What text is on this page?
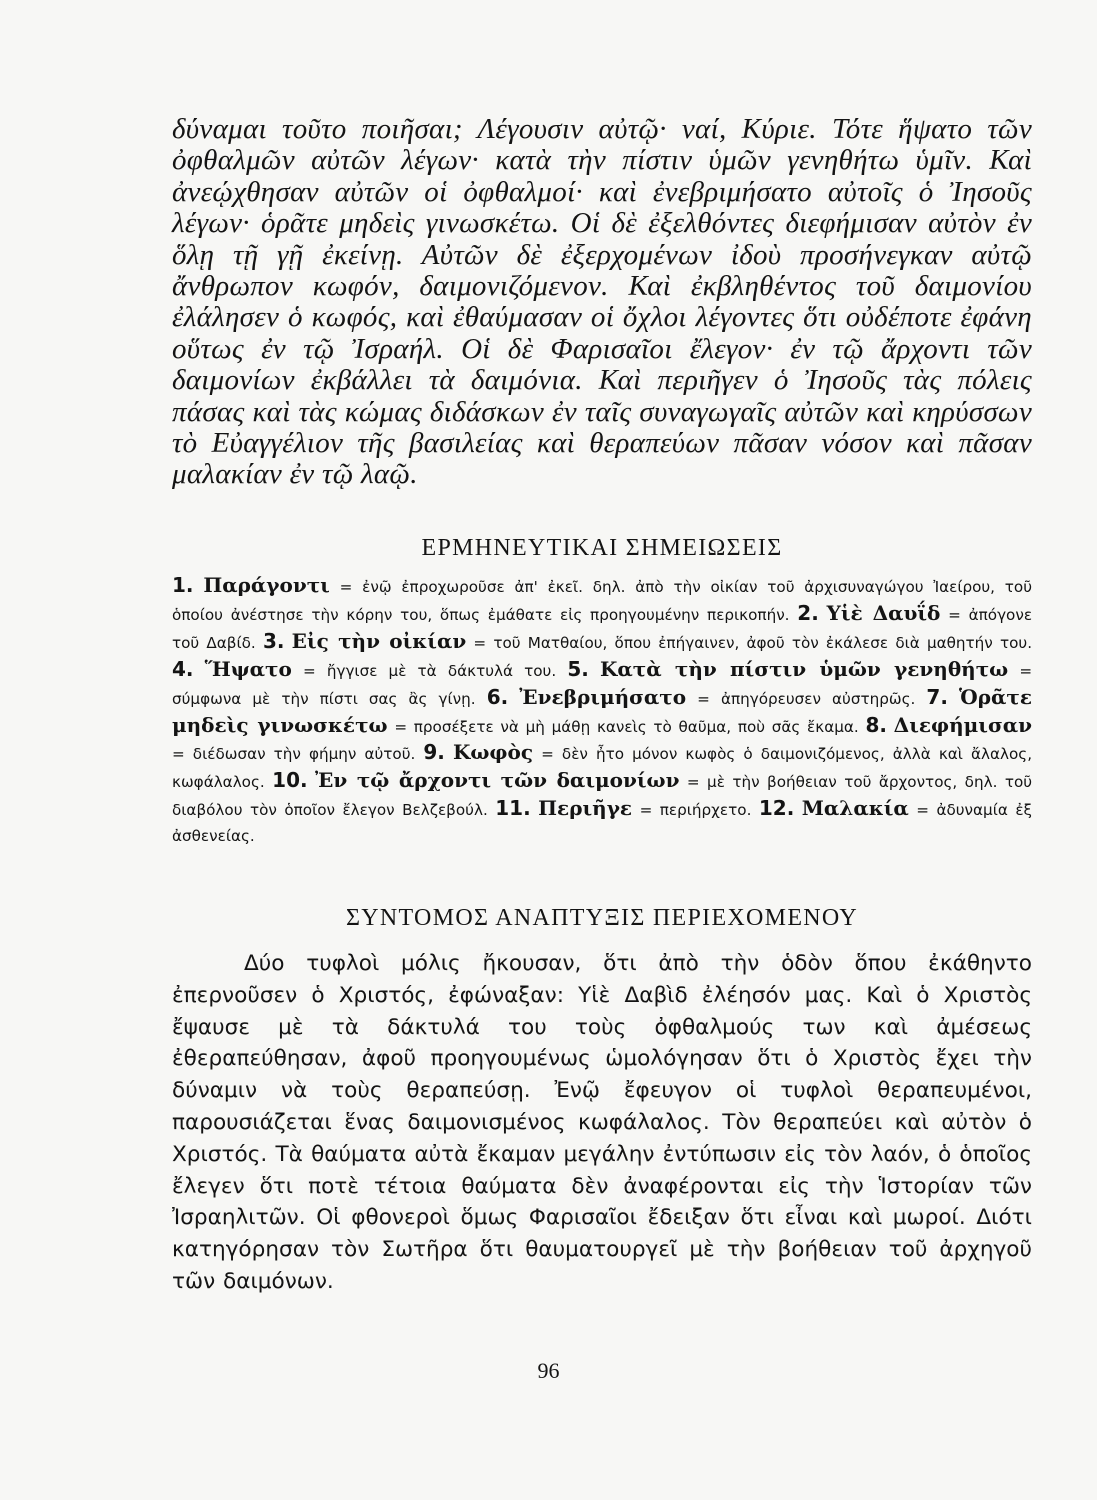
δύναμαι τοῦτο ποιῆσαι; Λέγουσιν αὐτῷ· ναί, Κύριε. Τότε ἥψατο τῶν ὀφθαλμῶν αὐτῶν λέγων· κατὰ τὴν πίστιν ὑμῶν γενηθήτω ὑμῖν. Καὶ ἀνεῴχθησαν αὐτῶν οἱ ὀφθαλμοί· καὶ ἐνεβριμήσατο αὐτοῖς ὁ Ἰησοῦς λέγων· ὁρᾶτε μηδεὶς γινωσκέτω. Οἱ δὲ ἐξελθόντες διεφήμισαν αὐτὸν ἐν ὅλῃ τῇ γῇ ἐκείνῃ. Αὐτῶν δὲ ἐξερχομένων ἰδοὺ προσήνεγκαν αὐτῷ ἄνθρωπον κωφόν, δαιμονιζόμενον. Καὶ ἐκβληθέντος τοῦ δαιμονίου ἐλάλησεν ὁ κωφός, καὶ ἐθαύμασαν οἱ ὄχλοι λέγοντες ὅτι οὐδέποτε ἐφάνη οὕτως ἐν τῷ Ἰσραήλ. Οἱ δὲ Φαρισαῖοι ἔλεγον· ἐν τῷ ἄρχοντι τῶν δαιμονίων ἐκβάλλει τὰ δαιμόνια. Καὶ περιῆγεν ὁ Ἰησοῦς τὰς πόλεις πάσας καὶ τὰς κώμας διδάσκων ἐν ταῖς συναγωγαῖς αὐτῶν καὶ κηρύσσων τὸ Εὐαγγέλιον τῆς βασιλείας καὶ θεραπεύων πᾶσαν νόσον καὶ πᾶσαν μαλακίαν ἐν τῷ λαῷ.

ΕΡΜΗΝΕΥΤΙΚΑΙ ΣΗΜΕΙΩΣΕΙΣ

1. Παράγοντι = ἐνῷ ἐπροχωροῦσε ἀπ' ἐκεῖ. δηλ. ἀπὸ τὴν οἰκίαν τοῦ ἀρχισυναγώγου Ἰαείρου, τοῦ ὁποίου ἀνέστησε τὴν κόρην του, ὅπως ἐμάθατε εἰς προηγουμένην περικοπήν. 2. Υἱὲ Δαυΐδ = ἀπόγονε τοῦ Δαβίδ. 3. Εἰς τὴν οἰκίαν = τοῦ Ματθαίου, ὅπου ἐπήγαινεν, ἀφοῦ τὸν ἐκάλεσε διὰ μαθητήν του. 4. Ἥψατο = ἤγγισε μὲ τὰ δάκτυλά του. 5. Κατὰ τὴν πίστιν ὑμῶν γενηθήτω = σύμφωνα μὲ τὴν πίστι σας ἂς γίνῃ. 6. Ἐνεβριμήσατο = ἀπηγόρευσεν αὐστηρῶς. 7. Ὁρᾶτε μηδεὶς γινωσκέτω = προσέξετε νὰ μὴ μάθῃ κανεὶς τὸ θαῦμα, ποὺ σᾶς ἔκαμα. 8. Διεφήμισαν = διέδωσαν τὴν φήμην αὐτοῦ. 9. Κωφὸς = δὲν ἦτο μόνον κωφὸς ὁ δαιμονιζόμενος, ἀλλὰ καὶ ἄλαλος, κωφάλαλος. 10. Ἐν τῷ ἄρχοντι τῶν δαιμονίων = μὲ τὴν βοήθειαν τοῦ ἄρχοντος, δηλ. τοῦ διαβόλου τὸν ὁποῖον ἔλεγον Βελζεβούλ. 11. Περιῆγε = περιήρχετο. 12. Μαλακία = ἀδυναμία ἐξ ἀσθενείας.

ΣΥΝΤΟΜΟΣ ΑΝΑΠΤΥΞΙΣ ΠΕΡΙΕΧΟΜΕΝΟΥ

Δύο τυφλοὶ μόλις ἤκουσαν, ὅτι ἀπὸ τὴν ὁδὸν ὅπου ἐκάθηντο ἐπερνοῦσεν ὁ Χριστός, ἐφώναξαν: Υἱὲ Δαβὶδ ἐλέησόν μας. Καὶ ὁ Χριστὸς ἔψαυσε μὲ τὰ δάκτυλά του τοὺς ὀφθαλμούς των καὶ ἀμέσεως ἐθεραπεύθησαν, ἀφοῦ προηγουμένως ὡμολόγησαν ὅτι ὁ Χριστὸς ἔχει τὴν δύναμιν νὰ τοὺς θεραπεύσῃ. Ἐνῷ ἔφευγον οἱ τυφλοὶ θεραπευμένοι, παρουσιάζεται ἕνας δαιμονισμένος κωφάλαλος. Τὸν θεραπεύει καὶ αὐτὸν ὁ Χριστός. Τὰ θαύματα αὐτὰ ἔκαμαν μεγάλην ἐντύπωσιν εἰς τὸν λαόν, ὁ ὁποῖος ἔλεγεν ὅτι ποτὲ τέτοια θαύματα δὲν ἀναφέρονται εἰς τὴν Ἱστορίαν τῶν Ἰσραηλιτῶν. Οἱ φθονεροὶ ὅμως Φαρισαῖοι ἔδειξαν ὅτι εἶναι καὶ μωροί. Διότι κατηγόρησαν τὸν Σωτῆρα ὅτι θαυματουργεῖ μὲ τὴν βοήθειαν τοῦ ἀρχηγοῦ τῶν δαιμόνων.

96
